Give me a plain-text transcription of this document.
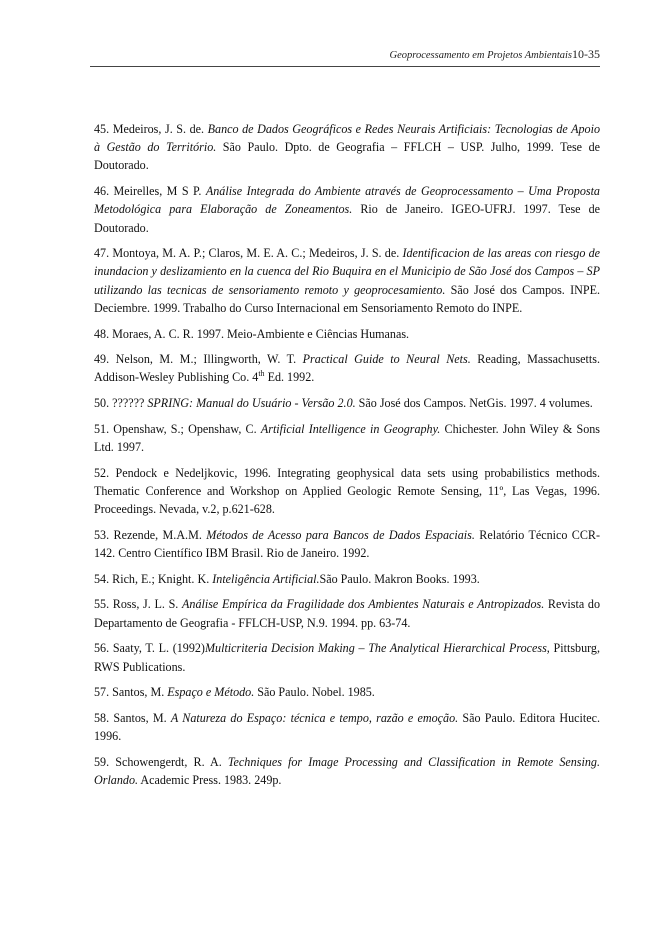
Geoprocessamento em Projetos Ambientais10-35

45. Medeiros, J. S. de. Banco de Dados Geográficos e Redes Neurais Artificiais: Tecnologias de Apoio à Gestão do Território. São Paulo. Dpto. de Geografia – FFLCH – USP. Julho, 1999. Tese de Doutorado.

46. Meirelles, M S P. Análise Integrada do Ambiente através de Geoprocessamento – Uma Proposta Metodológica para Elaboração de Zoneamentos. Rio de Janeiro. IGEO-UFRJ. 1997. Tese de Doutorado.

47. Montoya, M. A. P.; Claros, M. E. A. C.; Medeiros, J. S. de. Identificacion de las areas con riesgo de inundacion y deslizamiento en la cuenca del Rio Buquira en el Municipio de São José dos Campos – SP utilizando las tecnicas de sensoriamento remoto y geoprocesamiento. São José dos Campos. INPE. Deciembre. 1999. Trabalho do Curso Internacional em Sensoriamento Remoto do INPE.

48. Moraes, A. C. R. 1997. Meio-Ambiente e Ciências Humanas.

49. Nelson, M. M.; Illingworth, W. T. Practical Guide to Neural Nets. Reading, Massachusetts. Addison-Wesley Publishing Co. 4th Ed. 1992.

50. ?????? SPRING: Manual do Usuário - Versão 2.0. São José dos Campos. NetGis. 1997. 4 volumes.

51. Openshaw, S.; Openshaw, C. Artificial Intelligence in Geography. Chichester. John Wiley & Sons Ltd. 1997.

52. Pendock e Nedeljkovic, 1996. Integrating geophysical data sets using probabilistics methods. Thematic Conference and Workshop on Applied Geologic Remote Sensing, 11º, Las Vegas, 1996. Proceedings. Nevada, v.2, p.621-628.

53. Rezende, M.A.M. Métodos de Acesso para Bancos de Dados Espaciais. Relatório Técnico CCR-142. Centro Científico IBM Brasil. Rio de Janeiro. 1992.

54. Rich, E.; Knight. K. Inteligência Artificial.São Paulo. Makron Books. 1993.

55. Ross, J. L. S. Análise Empírica da Fragilidade dos Ambientes Naturais e Antropizados. Revista do Departamento de Geografia - FFLCH-USP, N.9. 1994. pp. 63-74.

56. Saaty, T. L. (1992)Multicriteria Decision Making – The Analytical Hierarchical Process, Pittsburg, RWS Publications.

57. Santos, M. Espaço e Método. São Paulo. Nobel. 1985.

58. Santos, M. A Natureza do Espaço: técnica e tempo, razão e emoção. São Paulo. Editora Hucitec. 1996.

59. Schowengerdt, R. A. Techniques for Image Processing and Classification in Remote Sensing. Orlando. Academic Press. 1983. 249p.
